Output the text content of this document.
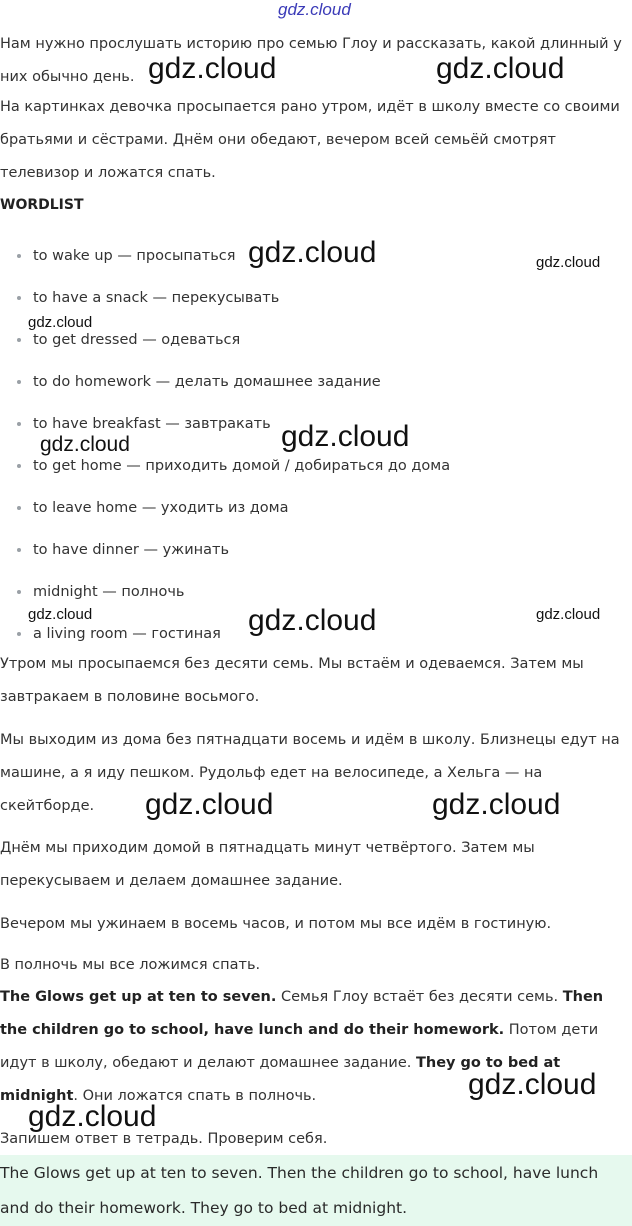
Нам нужно прослушать историю про семью Глоу и рассказать, какой длинный у них обычно день.

На картинках девочка просыпается рано утром, идёт в школу вместе со своими братьями и сёстрами. Днём они обедают, вечером всей семьёй смотрят телевизор и ложатся спать.

WORDLIST
to wake up — просыпаться
to have a snack — перекусывать
to get dressed — одеваться
to do homework — делать домашнее задание
to have breakfast — завтракать
to get home — приходить домой / добираться до дома
to leave home — уходить из дома
to have dinner — ужинать
midnight — полночь
a living room — гостиная

Утром мы просыпаемся без десяти семь. Мы встаём и одеваемся. Затем мы завтракаем в половине восьмого.

Мы выходим из дома без пятнадцати восемь и идём в школу. Близнецы едут на машине, а я иду пешком. Рудольф едет на велосипеде, а Хельга — на скейтборде.

Днём мы приходим домой в пятнадцать минут четвёртого. Затем мы перекусываем и делаем домашнее задание.

Вечером мы ужинаем в восемь часов, и потом мы все идём в гостиную.

В полночь мы все ложимся спать.

The Glows get up at ten to seven. Семья Глоу встаёт без десяти семь. Then the children go to school, have lunch and do their homework. Потом дети идут в школу, обедают и делают домашнее задание. They go to bed at midnight. Они ложатся спать в полночь.

Запишем ответ в тетрадь. Проверим себя.

The Glows get up at ten to seven. Then the children go to school, have lunch and do their homework. They go to bed at midnight.
gdz.cloud
gdz.cloud	gdz.cloud
gdz.cloud	gdz.cloud
gdz.cloud
gdz.cloud
gdz.cloud
gdz.cloud	gdz.cloud	gdz.cloud
gdz.cloud	gdz.cloud
gdz.cloud
gdz.cloud
